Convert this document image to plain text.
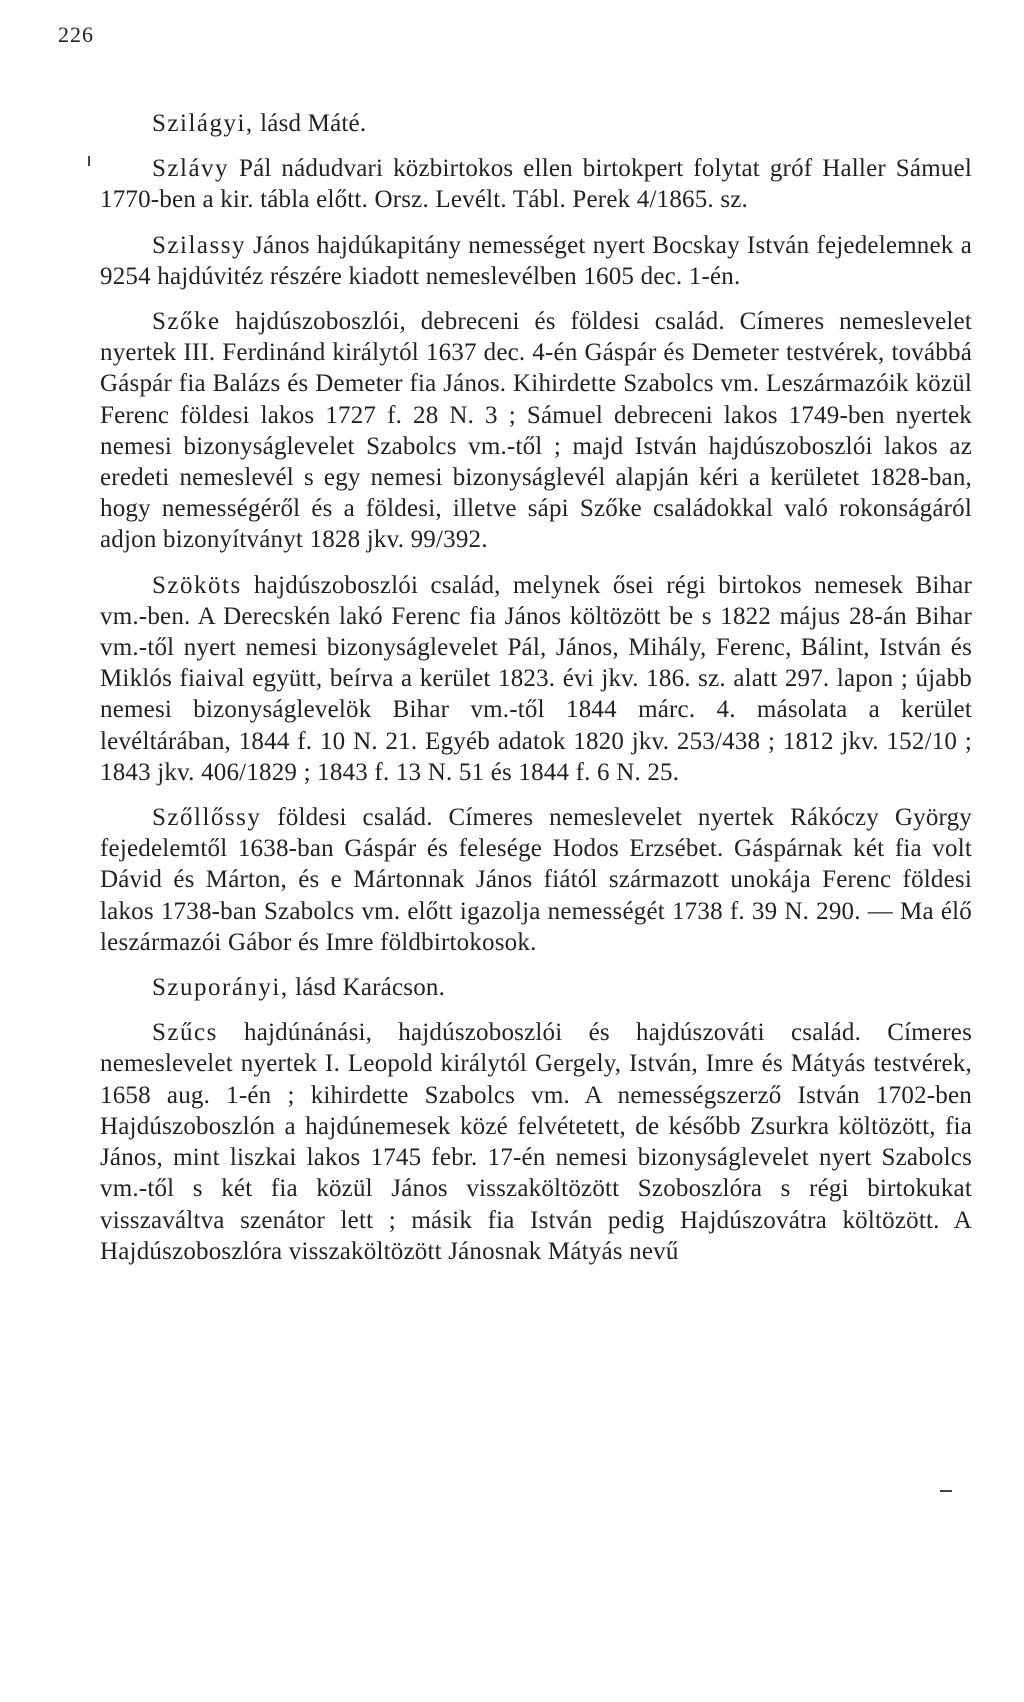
226

Szilágyi, lásd Máté.

Szlávy Pál nádudvari közbirtokos ellen birtokpert folytat gróf Haller Sámuel 1770-ben a kir. tábla előtt. Orsz. Levélt. Tábl. Perek 4/1865. sz.

Szilassy János hajdúkapitány nemességet nyert Bocskay István fejedelemnek a 9254 hajdúvitéz részére kiadott nemeslevélben 1605 dec. 1-én.

Szőke hajdúszoboszlói, debreceni és földesi család. Címeres nemeslevelet nyertek III. Ferdinánd királytól 1637 dec. 4-én Gáspár és Demeter testvérek, továbbá Gáspár fia Balázs és Demeter fia János. Kihirdette Szabolcs vm. Leszármazóik közül Ferenc földesi lakos 1727 f. 28 N. 3 ; Sámuel debreceni lakos 1749-ben nyertek nemesi bizonyságlevelet Szabolcs vm.-től ; majd István hajdúszoboszlói lakos az eredeti nemeslevél s egy nemesi bizonyságlevél alapján kéri a kerületet 1828-ban, hogy nemességéről és a földesi, illetve sápi Szőke családokkal való rokonságáról adjon bizonyítványt 1828 jkv. 99/392.

Szököts hajdúszoboszlói család, melynek ősei régi birtokos nemesek Bihar vm.-ben. A Derecskén lakó Ferenc fia János költözött be s 1822 május 28-án Bihar vm.-től nyert nemesi bizonyságlevelet Pál, János, Mihály, Ferenc, Bálint, István és Miklós fiaival együtt, beírva a kerület 1823. évi jkv. 186. sz. alatt 297. lapon ; újabb nemesi bizonyságlevelök Bihar vm.-től 1844 márc. 4. másolata a kerület levéltárában, 1844 f. 10 N. 21. Egyéb adatok 1820 jkv. 253/438 ; 1812 jkv. 152/10 ; 1843 jkv. 406/1829 ; 1843 f. 13 N. 51 és 1844 f. 6 N. 25.

Szőllőssy földesi család. Címeres nemeslevelet nyertek Rákóczy György fejedelemtől 1638-ban Gáspár és felesége Hodos Erzsébet. Gáspárnak két fia volt Dávid és Márton, és e Mártonnak János fiától származott unokája Ferenc földesi lakos 1738-ban Szabolcs vm. előtt igazolja nemességét 1738 f. 39 N. 290. — Ma élő leszármazói Gábor és Imre földbirtokosok.

Szuporányi, lásd Karácson.

Szűcs hajdúnánási, hajdúszoboszlói és hajdúszováti család. Címeres nemeslevelet nyertek I. Leopold királytól Gergely, István, Imre és Mátyás testvérek, 1658 aug. 1-én ; kihirdette Szabolcs vm. A nemességszerző István 1702-ben Hajdúszoboszlón a hajdúnemesek közé felvétetett, de később Zsurkra költözött, fia János, mint liszkai lakos 1745 febr. 17-én nemesi bizonyságlevelet nyert Szabolcs vm.-től s két fia közül János visszaköltözött Szoboszlóra s régi birtokukat visszaváltva szenátor lett ; másik fia István pedig Hajdúszovátra költözött. A Hajdúszoboszlóra visszaköltözött Jánosnak Mátyás nevű
